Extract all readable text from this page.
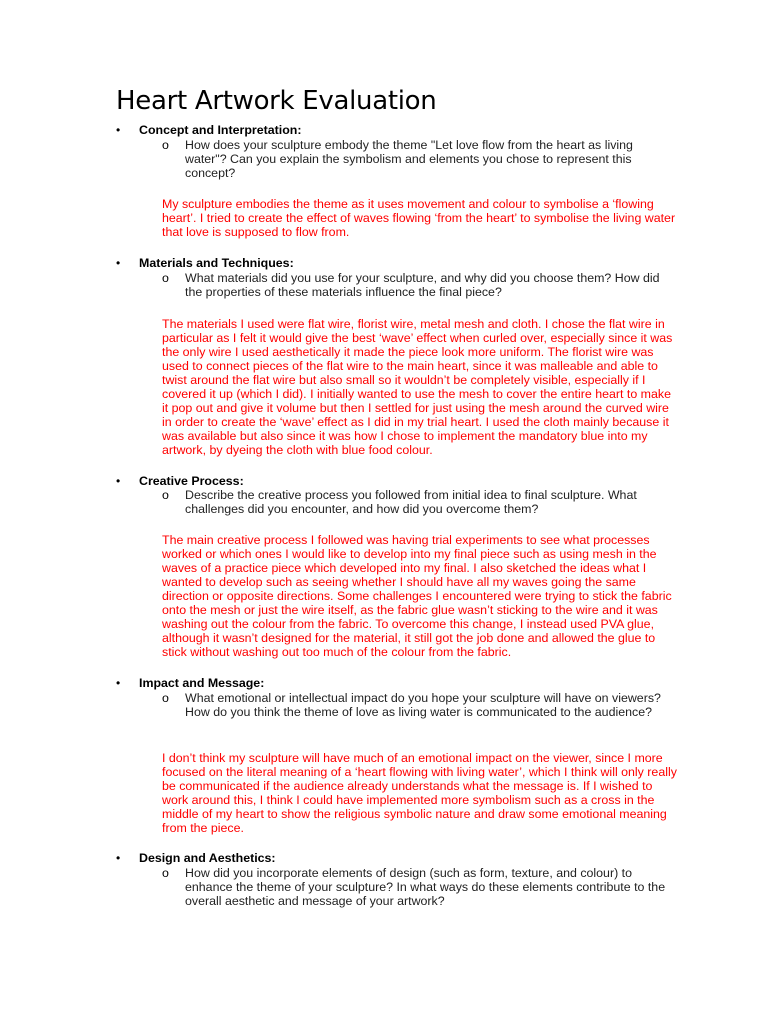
Heart Artwork Evaluation
•	Concept and Interpretation:
o	How does your sculpture embody the theme "Let love flow from the heart as living water"? Can you explain the symbolism and elements you chose to represent this concept?
My sculpture embodies the theme as it uses movement and colour to symbolise a ‘flowing heart’. I tried to create the effect of waves flowing ‘from the heart’ to symbolise the living water that love is supposed to flow from.
•	Materials and Techniques:
o	What materials did you use for your sculpture, and why did you choose them? How did the properties of these materials influence the final piece?
The materials I used were flat wire, florist wire, metal mesh and cloth. I chose the flat wire in particular as I felt it would give the best ‘wave’ effect when curled over, especially since it was the only wire I used aesthetically it made the piece look more uniform. The florist wire was used to connect pieces of the flat wire to the main heart, since it was malleable and able to twist around the flat wire but also small so it wouldn’t be completely visible, especially if I covered it up (which I did). I initially wanted to use the mesh to cover the entire heart to make it pop out and give it volume but then I settled for just using the mesh around the curved wire in order to create the ‘wave’ effect as I did in my trial heart. I used the cloth mainly because it was available but also since it was how I chose to implement the mandatory blue into my artwork, by dyeing the cloth with blue food colour.
•	Creative Process:
o	Describe the creative process you followed from initial idea to final sculpture. What challenges did you encounter, and how did you overcome them?
The main creative process I followed was having trial experiments to see what processes worked or which ones I would like to develop into my final piece such as using mesh in the waves of a practice piece which developed into my final. I also sketched the ideas what I wanted to develop such as seeing whether I should have all my waves going the same direction or opposite directions. Some challenges I encountered were trying to stick the fabric onto the mesh or just the wire itself, as the fabric glue wasn’t sticking to the wire and it was washing out the colour from the fabric. To overcome this change, I instead used PVA glue, although it wasn’t designed for the material, it still got the job done and allowed the glue to stick without washing out too much of the colour from the fabric.
•	Impact and Message:
o	What emotional or intellectual impact do you hope your sculpture will have on viewers? How do you think the theme of love as living water is communicated to the audience?
I don’t think my sculpture will have much of an emotional impact on the viewer, since I more focused on the literal meaning of a ‘heart flowing with living water’, which I think will only really be communicated if the audience already understands what the message is. If I wished to work around this, I think I could have implemented more symbolism such as a cross in the middle of my heart to show the religious symbolic nature and draw some emotional meaning from the piece.
•	Design and Aesthetics:
o	How did you incorporate elements of design (such as form, texture, and colour) to enhance the theme of your sculpture? In what ways do these elements contribute to the overall aesthetic and message of your artwork?
